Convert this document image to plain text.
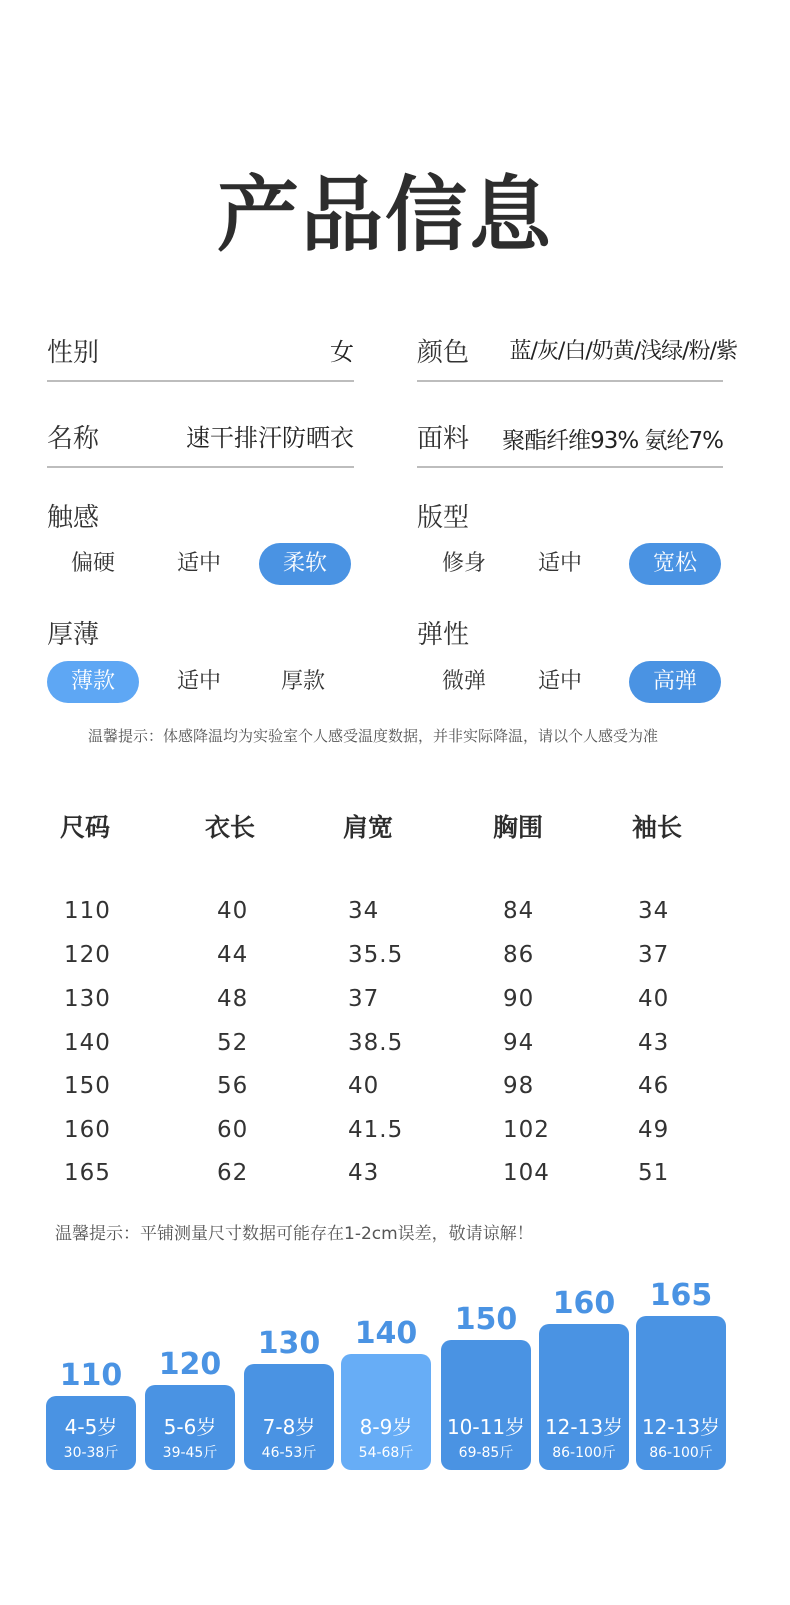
产品信息
性别	女 颜色 蓝/灰/白/奶黄/浅绿/粉/紫
名称	速干排汗防晒衣 面料 聚酯纤维93% 氨纶7%
触感
偏硬	适中	柔软
版型
修身	适中	宽松
厚薄
薄款	适中	厚款
弹性
微弹	适中	高弹
温馨提示：体感降温均为实验室个人感受温度数据，并非实际降温，请以个人感受为准
尺码	衣长	肩宽	胸围	袖长
110	40	34	84	34
120	44	35.5	86	37
130	48	37	90	40
140	52	38.5	94	43
150	56	40	98	46
160	60	41.5	102	49
165	62	43	104	51
温馨提示：平铺测量尺寸数据可能存在1-2cm误差，敬请谅解！
110
4-5岁
30-38斤
120
5-6岁
39-45斤
130
7-8岁
46-53斤
140
8-9岁
54-68斤
150
10-11岁
69-85斤
160
12-13岁
86-100斤
165
12-13岁
86-100斤
